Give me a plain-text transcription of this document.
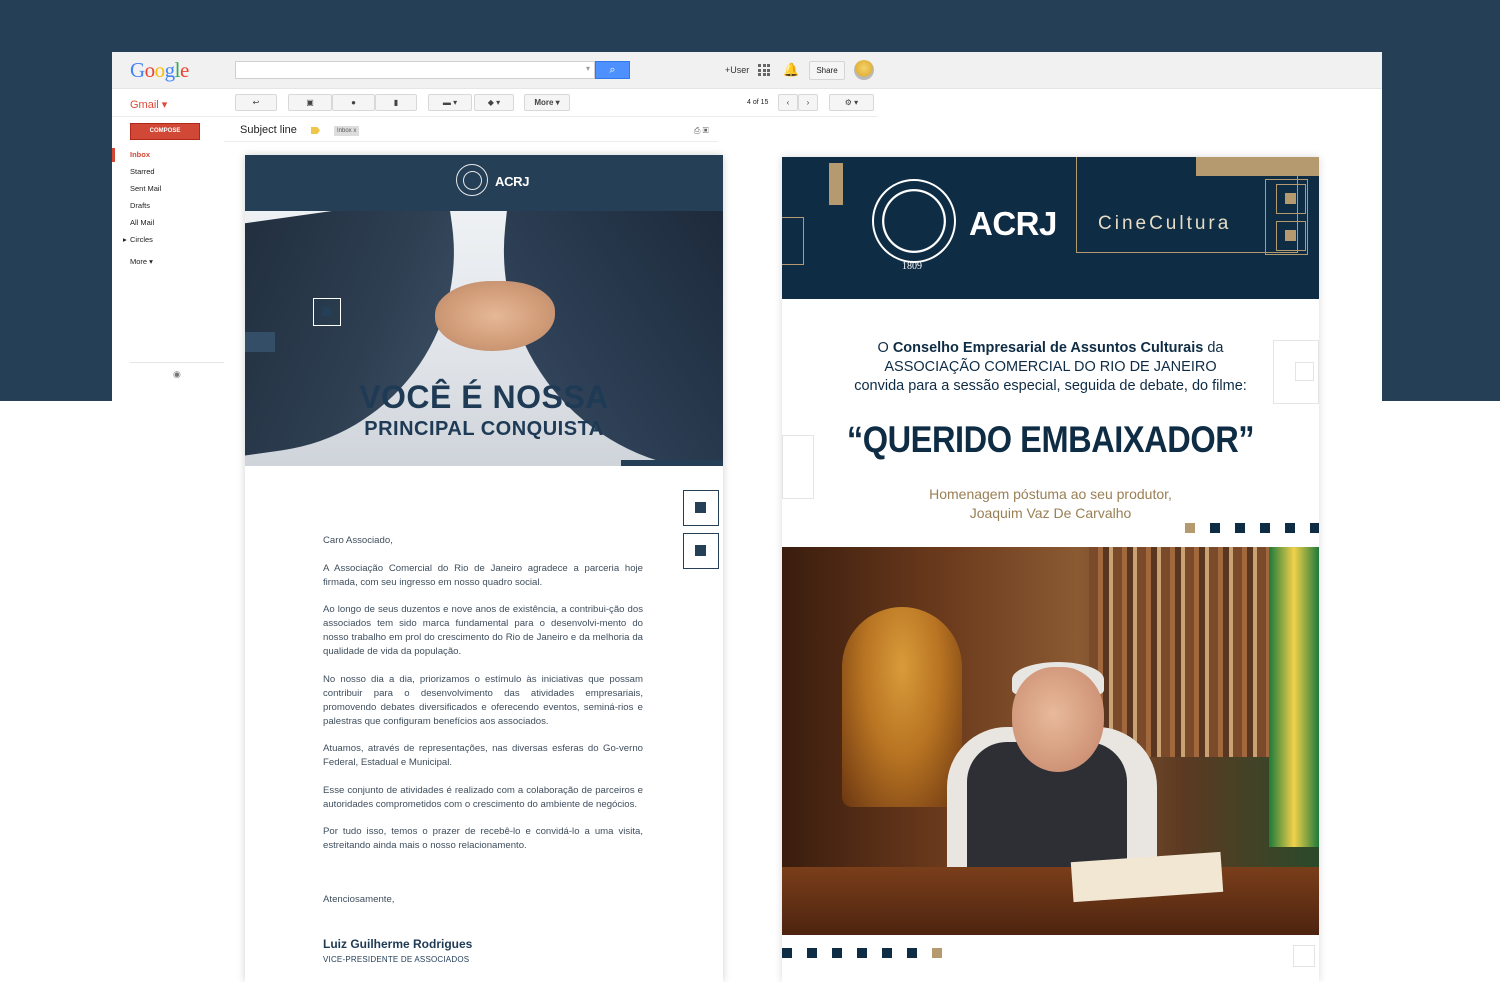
Google	▾	⌕	+User	🔔	Share
Gmail ▾	↩	▣	●	▮	▬ ▾	◆ ▾	More ▾	4 of 15 ‹ ›	⚙ ▾
COMPOSE
Inbox
Starred
Sent Mail
Drafts
All Mail
▸ Circles
More ▾
◉
Subject line	Inbox x	⎙ ▣
ACRJ
VOCÊ É NOSSA
PRINCIPAL CONQUISTA

Caro Associado,

A Associação Comercial do Rio de Janeiro agradece a parceria hoje firmada, com seu ingresso em nosso quadro social.

Ao longo de seus duzentos e nove anos de existência, a contribui-ção dos associados tem sido marca fundamental para o desenvolvi-mento do nosso trabalho em prol do crescimento do Rio de Janeiro e da melhoria da qualidade de vida da população.

No nosso dia a dia, priorizamos o estímulo às iniciativas que possam contribuir para o desenvolvimento das atividades empresariais, promovendo debates diversificados e oferecendo eventos, seminá-rios e palestras que configuram benefícios aos associados.

Atuamos, através de representações, nas diversas esferas do Go-verno Federal, Estadual e Municipal.

Esse conjunto de atividades é realizado com a colaboração de parceiros e autoridades comprometidos com o crescimento do ambiente de negócios.

Por tudo isso, temos o prazer de recebê-lo e convidá-lo a uma visita, estreitando ainda mais o nosso relacionamento.

Atenciosamente,
Luiz Guilherme Rodrigues
VICE-PRESIDENTE DE ASSOCIADOS
1809
ACRJ CineCultura
O Conselho Empresarial de Assuntos Culturais da
ASSOCIAÇÃO COMERCIAL DO RIO DE JANEIRO
convida para a sessão especial, seguida de debate, do filme:
“QUERIDO EMBAIXADOR”
Homenagem póstuma ao seu produtor,
Joaquim Vaz De Carvalho
